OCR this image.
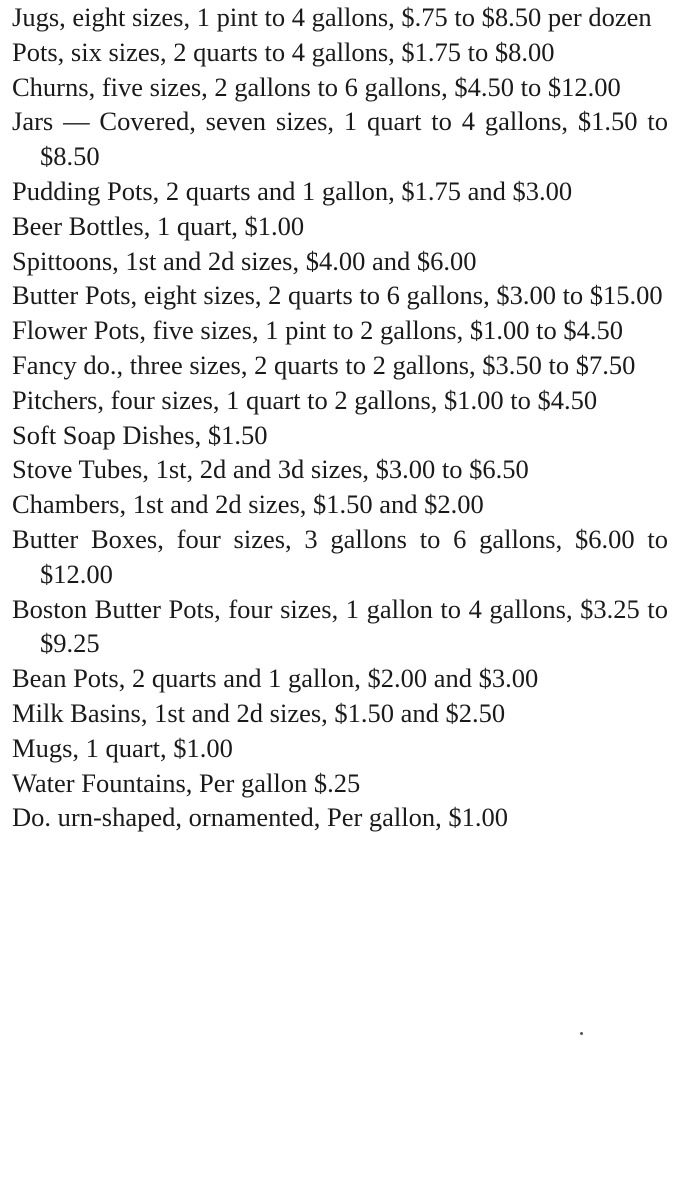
Jugs, eight sizes, 1 pint to 4 gallons, $.75 to $8.50 per dozen
Pots, six sizes, 2 quarts to 4 gallons, $1.75 to $8.00
Churns, five sizes, 2 gallons to 6 gallons, $4.50 to $12.00
Jars — Covered, seven sizes, 1 quart to 4 gallons, $1.50 to $8.50
Pudding Pots, 2 quarts and 1 gallon, $1.75 and $3.00
Beer Bottles, 1 quart, $1.00
Spittoons, 1st and 2d sizes, $4.00 and $6.00
Butter Pots, eight sizes, 2 quarts to 6 gallons, $3.00 to $15.00
Flower Pots, five sizes, 1 pint to 2 gallons, $1.00 to $4.50
Fancy do., three sizes, 2 quarts to 2 gallons, $3.50 to $7.50
Pitchers, four sizes, 1 quart to 2 gallons, $1.00 to $4.50
Soft Soap Dishes, $1.50
Stove Tubes, 1st, 2d and 3d sizes, $3.00 to $6.50
Chambers, 1st and 2d sizes, $1.50 and $2.00
Butter Boxes, four sizes, 3 gallons to 6 gallons, $6.00 to $12.00
Boston Butter Pots, four sizes, 1 gallon to 4 gallons, $3.25 to $9.25
Bean Pots, 2 quarts and 1 gallon, $2.00 and $3.00
Milk Basins, 1st and 2d sizes, $1.50 and $2.50
Mugs, 1 quart, $1.00
Water Fountains, Per gallon $.25
Do. urn-shaped, ornamented, Per gallon, $1.00
